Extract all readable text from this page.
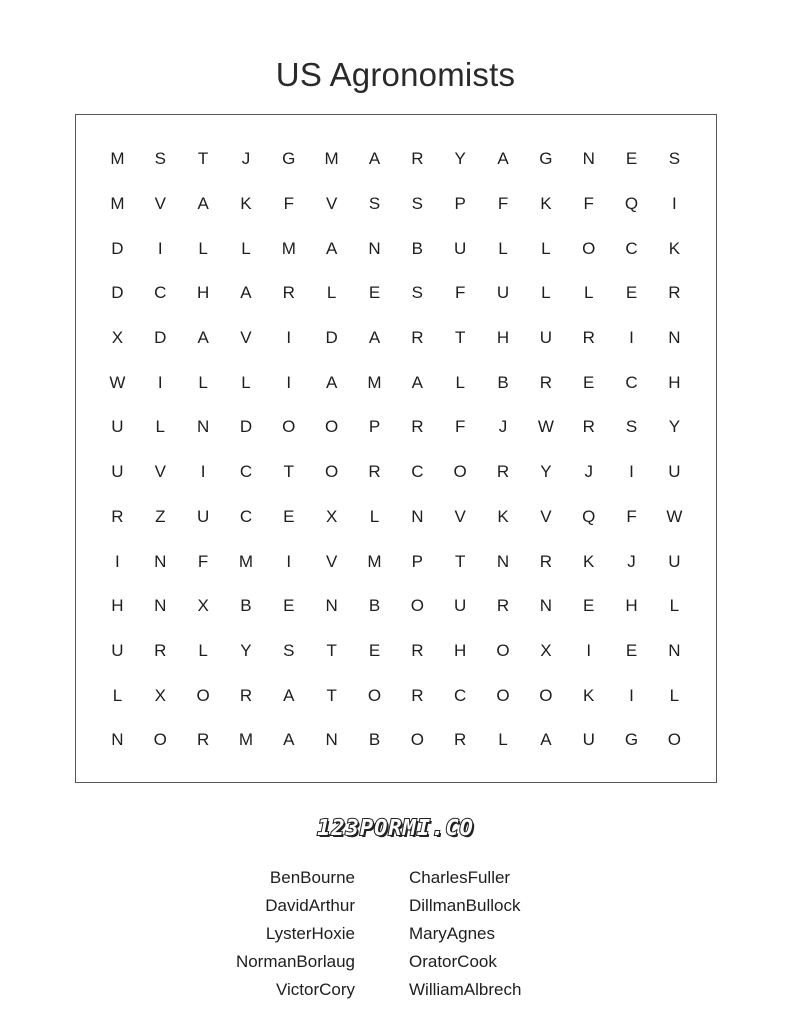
US Agronomists
M	S	T	J	G	M	A	R	Y	A	G	N	E	S
M	V	A	K	F	V	S	S	P	F	K	F	Q	I
D	I	L	L	M	A	N	B	U	L	L	O	C	K
D	C	H	A	R	L	E	S	F	U	L	L	E	R
X	D	A	V	I	D	A	R	T	H	U	R	I	N
W	I	L	L	I	A	M	A	L	B	R	E	C	H
U	L	N	D	O	O	P	R	F	J	W	R	S	Y
U	V	I	C	T	O	R	C	O	R	Y	J	I	U
R	Z	U	C	E	X	L	N	V	K	V	Q	F	W
I	N	F	M	I	V	M	P	T	N	R	K	J	U
H	N	X	B	E	N	B	O	U	R	N	E	H	L
U	R	L	Y	S	T	E	R	H	O	X	I	E	N
L	X	O	R	A	T	O	R	C	O	O	K	I	L
N	O	R	M	A	N	B	O	R	L	A	U	G	O
123PORMI.CO
BenBourne
DavidArthur
LysterHoxie
NormanBorlaug
VictorCory
CharlesFuller
DillmanBullock
MaryAgnes
OratorCook
WilliamAlbrech
